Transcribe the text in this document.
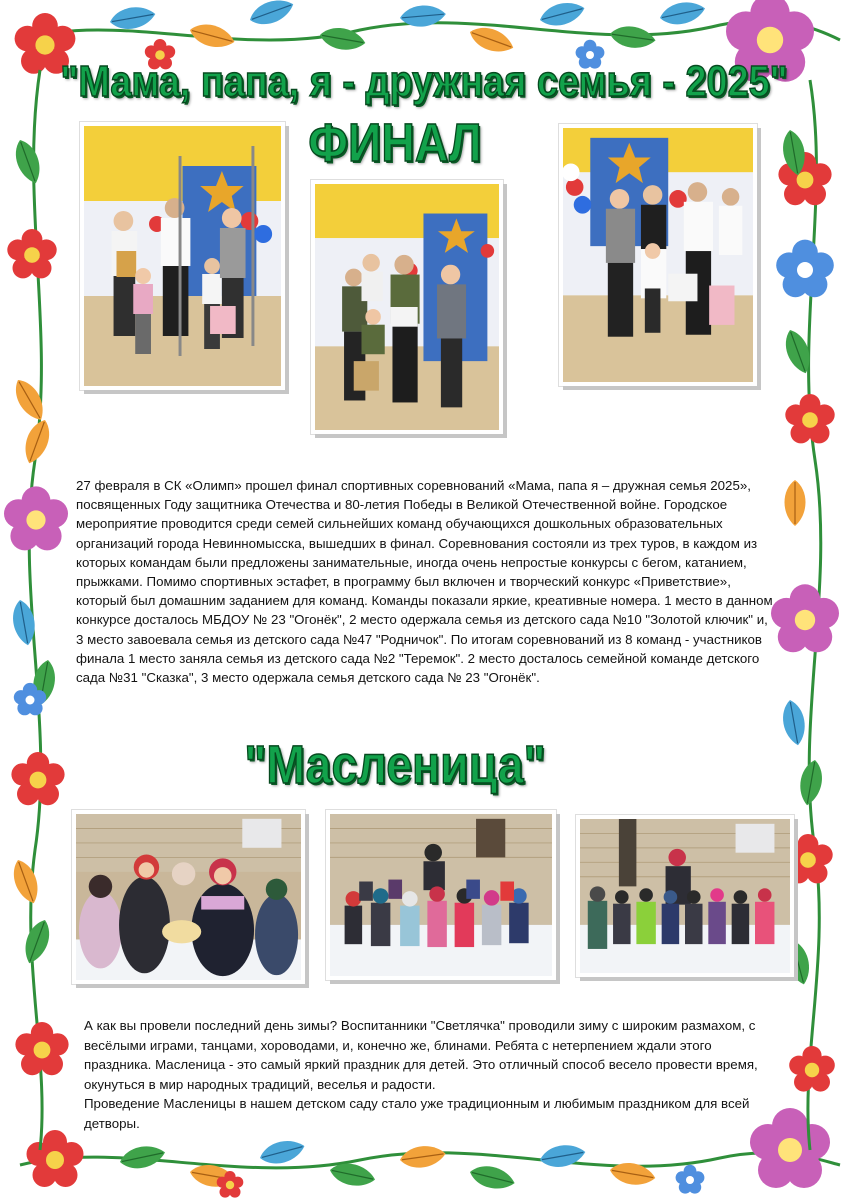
"Мама, папа, я - дружная семья - 2025"
ФИНАЛ

27 февраля в СК «Олимп» прошел финал спортивных соревнований «Мама, папа я – дружная семья 2025», посвященных Году защитника Отечества и 80-летия Победы в Великой Отечественной войне. Городское мероприятие проводится среди семей сильнейших команд обучающихся дошкольных образовательных организаций города Невинномысска, вышедших в финал. Соревнования состояли из трех туров, в каждом из которых командам были предложены занимательные, иногда очень непростые конкурсы с бегом, катанием, прыжками. Помимо спортивных эстафет, в программу был включен и творческий конкурс «Приветствие», который был домашним заданием для команд. Команды показали яркие, креативные номера. 1 место в данном конкурсе досталось МБДОУ № 23 "Огонёк", 2 место одержала семья из детского сада №10 "Золотой ключик" и, 3 место завоевала семья из детского сада №47 "Родничок". По итогам соревнований из 8 команд - участников финала 1 место заняла семья из детского сада №2 "Теремок". 2 место досталось семейной команде детского сада №31 "Сказка", 3 место одержала семья детского сада № 23 "Огонёк".

"Масленица"

А как вы провели последний день зимы? Воспитанники "Светлячка" проводили зиму с широким размахом, с весёлыми играми, танцами, хороводами, и, конечно же, блинами. Ребята с нетерпением ждали этого праздника. Масленица - это самый яркий праздник для детей. Это отличный способ весело провести время, окунуться в мир народных традиций, веселья и радости.

Проведение Масленицы в нашем детском саду стало уже традиционным и любимым праздником для всей детворы.
